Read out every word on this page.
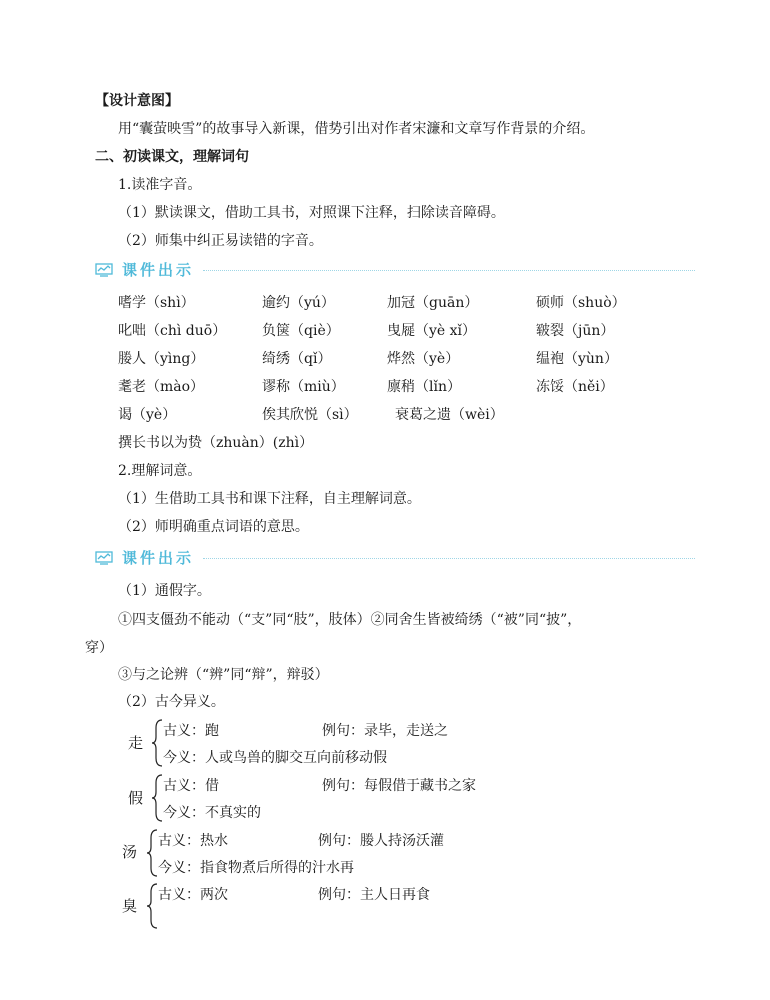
【设计意图】
用“囊萤映雪”的故事导入新课，借势引出对作者宋濂和文章写作背景的介绍。
二、初读课文，理解词句
1.读准字音。
（1）默读课文，借助工具书，对照课下注释，扫除读音障碍。
（2）师集中纠正易读错的字音。
课件出示
嗜学（shì）	逾约（yú）	加冠（guān）	硕师（shuò）
叱咄（chì duō）	负箧（qiè）	曳屣（yè xǐ）	皲裂（jūn）
媵人（yìng）	绮绣（qǐ）	烨然（yè）	缊袍（yùn）
耄老（mào）	谬称（miù）	廪稍（lǐn）	冻馁（něi）
谒（yè）	俟其欣悦（sì）	衰葛之遗（wèi）
撰长书以为贽（zhuàn）(zhì）
2.理解词意。
（1）生借助工具书和课下注释，自主理解词意。
（2）师明确重点词语的意思。
课件出示
（1）通假字。
①四支僵劲不能动（“支”同“肢”，肢体）②同舍生皆被绮绣（“被”同“披”，
穿）
③与之论辨（“辨”同“辩”，辩驳）
（2）古今异义。
走
古义：跑	例句：录毕，走送之
今义：人或鸟兽的脚交互向前移动假
假
古义：借	例句：每假借于藏书之家
今义：不真实的
汤
古义：热水	例句：媵人持汤沃灌
今义：指食物煮后所得的汁水再
臭
古义：两次	例句：主人日再食
